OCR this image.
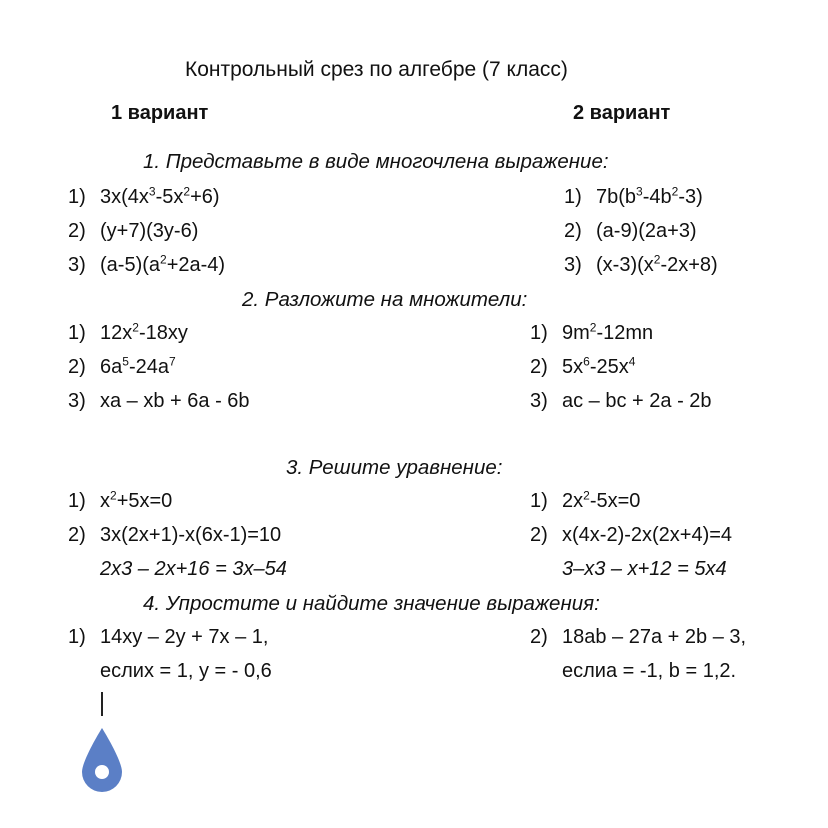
Контрольный срез по алгебре (7 класс)
1 вариант	2 вариант
1. Представьте в виде многочлена выражение:
1) $3x(4x^3-5x^2+6)$
2) (y+7)(3y-6)
3) $(a-5)(a^2+2a-4)$
1) $7b(b^3-4b^2-3)$
2) (a-9)(2a+3)
3) $(x-3)(x^2-2x+8)$
2. Разложите на множители:
1) $12x^2-18xy$
2) $6a^5-24a^7$
3) xa – xb + 6a - 6b
1) $9m^2-12mn$
2) $5x^6-25x^4$
3) ac – bc + 2a - 2b
3. Решите уравнение:
1) $x^2+5x=0$
2) 3x(2x+1)-x(6x-1)=10
2x3 – 2x+16 = 3x–54
1) $2x^2-5x=0$
2) x(4x-2)-2x(2x+4)=4
3–x3 – x+12 = 5x4
4. Упростите и найдите значение выражения:
1) 14xy – 2y + 7x – 1,
еслиx = 1, y = - 0,6
2) 18ab – 27a + 2b – 3,
еслиa = -1, b = 1,2.
